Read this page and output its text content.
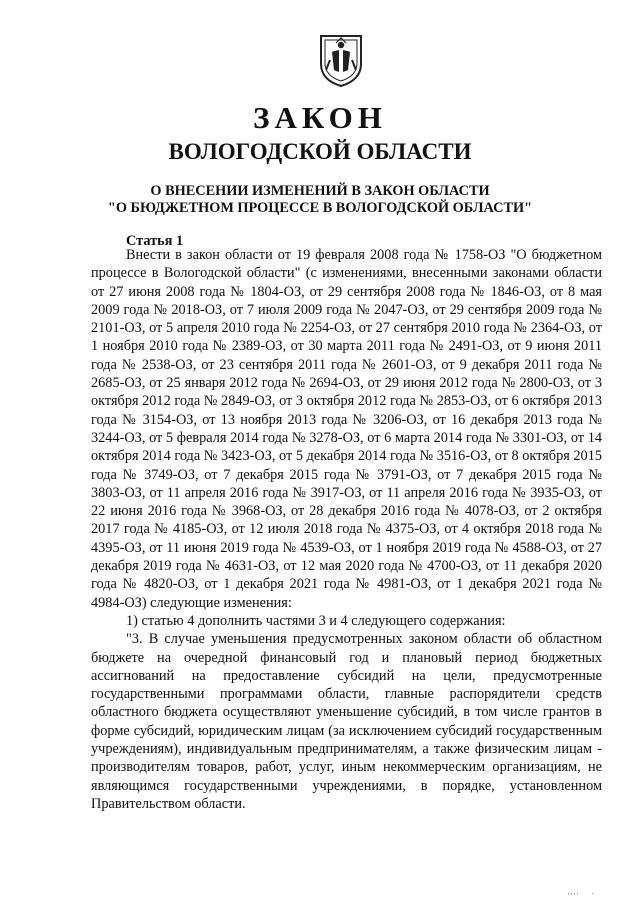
ЗАКОН
ВОЛОГОДСКОЙ ОБЛАСТИ
О ВНЕСЕНИИ ИЗМЕНЕНИЙ В ЗАКОН ОБЛАСТИ
"О БЮДЖЕТНОМ ПРОЦЕССЕ В ВОЛОГОДСКОЙ ОБЛАСТИ"
Статья 1

Внести в закон области от 19 февраля 2008 года № 1758-ОЗ "О бюджетном процессе в Вологодской области" (с изменениями, внесенными законами области от 27 июня 2008 года № 1804-ОЗ, от 29 сентября 2008 года № 1846-ОЗ, от 8 мая 2009 года № 2018-ОЗ, от 7 июля 2009 года № 2047-ОЗ, от 29 сентября 2009 года № 2101-ОЗ, от 5 апреля 2010 года № 2254-ОЗ, от 27 сентября 2010 года № 2364-ОЗ, от 1 ноября 2010 года № 2389-ОЗ, от 30 марта 2011 года № 2491-ОЗ, от 9 июня 2011 года № 2538-ОЗ, от 23 сентября 2011 года № 2601-ОЗ, от 9 декабря 2011 года № 2685-ОЗ, от 25 января 2012 года № 2694-ОЗ, от 29 июня 2012 года № 2800-ОЗ, от 3 октября 2012 года № 2849-ОЗ, от 3 октября 2012 года № 2853-ОЗ, от 6 октября 2013 года № 3154-ОЗ, от 13 ноября 2013 года № 3206-ОЗ, от 16 декабря 2013 года № 3244-ОЗ, от 5 февраля 2014 года № 3278-ОЗ, от 6 марта 2014 года № 3301-ОЗ, от 14 октября 2014 года № 3423-ОЗ, от 5 декабря 2014 года № 3516-ОЗ, от 8 октября 2015 года № 3749-ОЗ, от 7 декабря 2015 года № 3791-ОЗ, от 7 декабря 2015 года № 3803-ОЗ, от 11 апреля 2016 года № 3917-ОЗ, от 11 апреля 2016 года № 3935-ОЗ, от 22 июня 2016 года № 3968-ОЗ, от 28 декабря 2016 года № 4078-ОЗ, от 2 октября 2017 года № 4185-ОЗ, от 12 июля 2018 года № 4375-ОЗ, от 4 октября 2018 года № 4395-ОЗ, от 11 июня 2019 года № 4539-ОЗ, от 1 ноября 2019 года № 4588-ОЗ, от 27 декабря 2019 года № 4631-ОЗ, от 12 мая 2020 года № 4700-ОЗ, от 11 декабря 2020 года № 4820-ОЗ, от 1 декабря 2021 года № 4981-ОЗ, от 1 декабря 2021 года № 4984-ОЗ) следующие изменения:

1) статью 4 дополнить частями 3 и 4 следующего содержания:

"3. В случае уменьшения предусмотренных законом области об областном бюджете на очередной финансовый год и плановый период бюджетных ассигнований на предоставление субсидий на цели, предусмотренные государственными программами области, главные распорядители средств областного бюджета осуществляют уменьшение субсидий, в том числе грантов в форме субсидий, юридическим лицам (за исключением субсидий государственным учреждениям), индивидуальным предпринимателям, а также физическим лицам - производителям товаров, работ, услуг, иным некоммерческим организациям, не являющимся государственными учреждениями, в порядке, установленном Правительством области.

' ' ' '        '
